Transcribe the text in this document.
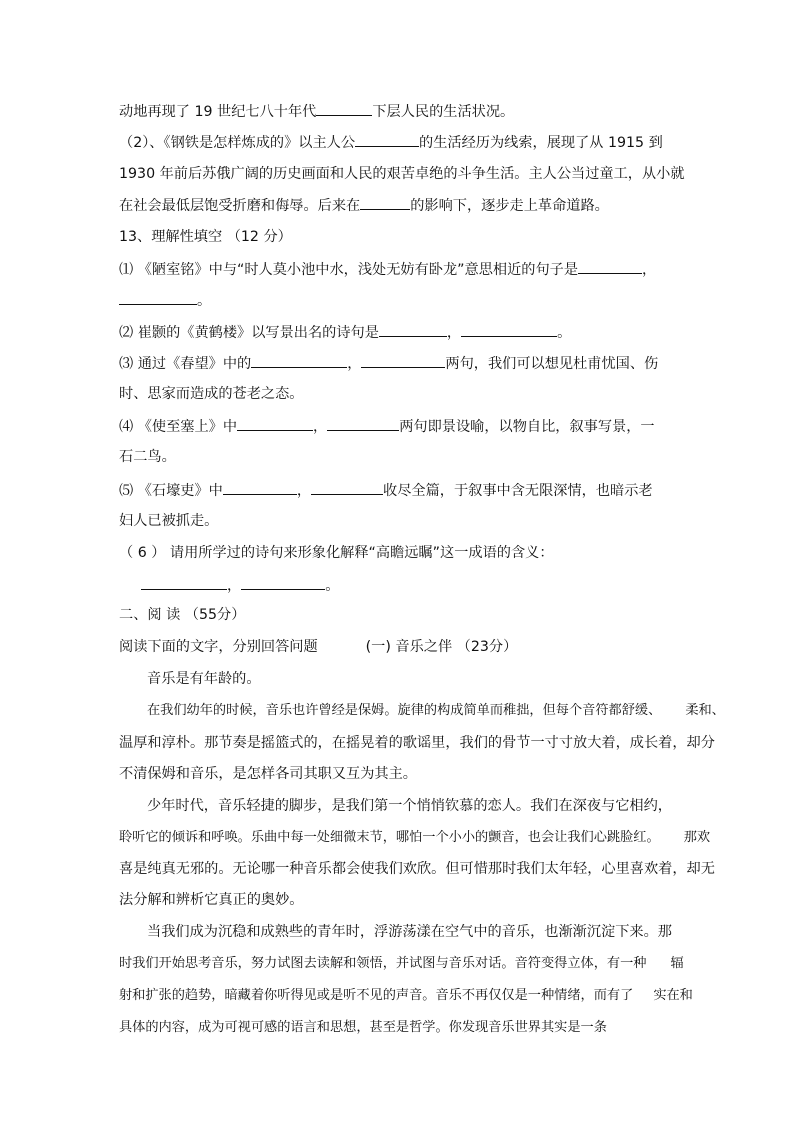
动地再现了 19 世纪七八十年代	下层人民的生活状况。
（2）、《钢铁是怎样炼成的》以主人公	的生活经历为线索，展现了从 1915 到
1930 年前后苏俄广阔的历史画面和人民的艰苦卓绝的斗争生活。主人公当过童工，从小就
在社会最低层饱受折磨和侮辱。后来在	的影响下，逐步走上革命道路。
13、理解性填空 （12 分）
⑴ 《陋室铭》中与“时人莫小池中水，浅处无妨有卧龙”意思相近的句子是	，
。
⑵ 崔颢的《黄鹤楼》以写景出名的诗句是	，	。
⑶ 通过《春望》中的	，	两句，我们可以想见杜甫忧国、伤
时、思家而造成的苍老之态。
⑷ 《使至塞上》中	，	两句即景设喻，以物自比，叙事写景，一
石二鸟。
⑸ 《石壕吏》中	，	收尽全篇，于叙事中含无限深情，也暗示老
妇人已被抓走。
（ 6 ） 请用所学过的诗句来形象化解释“高瞻远瞩”这一成语的含义：
，	。
二、阅 读 （55分）
阅读下面的文字，分别回答问题	(一) 音乐之伴 （23分）
音乐是有年龄的。
在我们幼年的时候，音乐也许曾经是保姆。旋律的构成简单而稚拙，但每个音符都舒缓、 柔和、
温厚和淳朴。那节奏是摇篮式的，在摇晃着的歌谣里，我们的骨节一寸寸放大着，成长着，却分
不清保姆和音乐，是怎样各司其职又互为其主。
少年时代，音乐轻捷的脚步，是我们第一个悄悄钦慕的恋人。我们在深夜与它相约，
聆听它的倾诉和呼唤。乐曲中每一处细微末节，哪怕一个小小的颤音，也会让我们心跳脸红。 那欢
喜是纯真无邪的。无论哪一种音乐都会使我们欢欣。但可惜那时我们太年轻，心里喜欢着，却无
法分解和辨析它真正的奥妙。
当我们成为沉稳和成熟些的青年时，浮游荡漾在空气中的音乐，也渐渐沉淀下来。那
时我们开始思考音乐，努力试图去读解和领悟，并试图与音乐对话。音符变得立体，有一种 辐
射和扩张的趋势，暗藏着你听得见或是听不见的声音。音乐不再仅仅是一种情绪，而有了 实在和
具体的内容，成为可视可感的语言和思想，甚至是哲学。你发现音乐世界其实是一条
